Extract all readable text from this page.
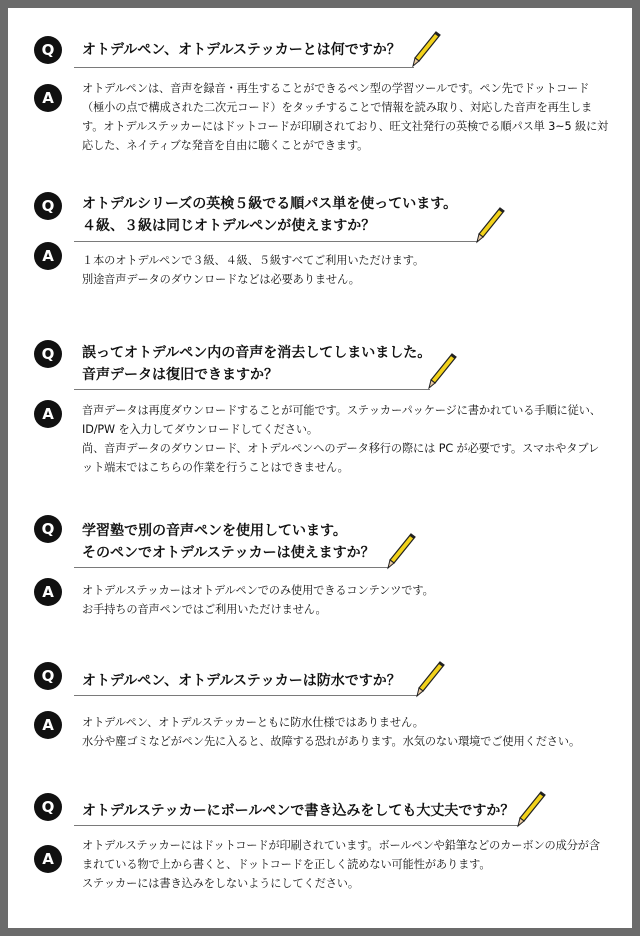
Q	オトデルペン、オトデルステッカーとは何ですか？
A

オトデルペンは、音声を録音・再生することができるペン型の学習ツールです。ペン先でドットコード（極小の点で構成された二次元コード）をタッチすることで情報を読み取り、対応した音声を再生します。オトデルステッカーにはドットコードが印刷されており、旺文社発行の英検でる順パス単 3~5 級に対応した、ネイティブな発音を自由に聴くことができます。

Q	オトデルシリーズの英検５級でる順パス単を使っています。
４級、３級は同じオトデルペンが使えますか？
A	１本のオトデルペンで３級、４級、５級すべてご利用いただけます。

別途音声データのダウンロードなどは必要ありません。

Q	誤ってオトデルペン内の音声を消去してしまいました。
音声データは復旧できますか？
A	音声データは再度ダウンロードすることが可能です。ステッカーパッケージに書かれている手順に従い、ID/PW を入力してダウンロードしてください。

尚、音声データのダウンロード、オトデルペンへのデータ移行の際には PC が必要です。スマホやタブレット端末ではこちらの作業を行うことはできません。

Q	学習塾で別の音声ペンを使用しています。
そのペンでオトデルステッカーは使えますか？
A	オトデルステッカーはオトデルペンでのみ使用できるコンテンツです。

お手持ちの音声ペンではご利用いただけません。

Q	オトデルペン、オトデルステッカーは防水ですか？
A	オトデルペン、オトデルステッカーともに防水仕様ではありません。

水分や塵ゴミなどがペン先に入ると、故障する恐れがあります。水気のない環境でご使用ください。

Q	オトデルステッカーにボールペンで書き込みをしても大丈夫ですか？
A

オトデルステッカーにはドットコードが印刷されています。ボールペンや鉛筆などのカーボンの成分が含まれている物で上から書くと、ドットコードを正しく読めない可能性があります。

ステッカーには書き込みをしないようにしてください。
